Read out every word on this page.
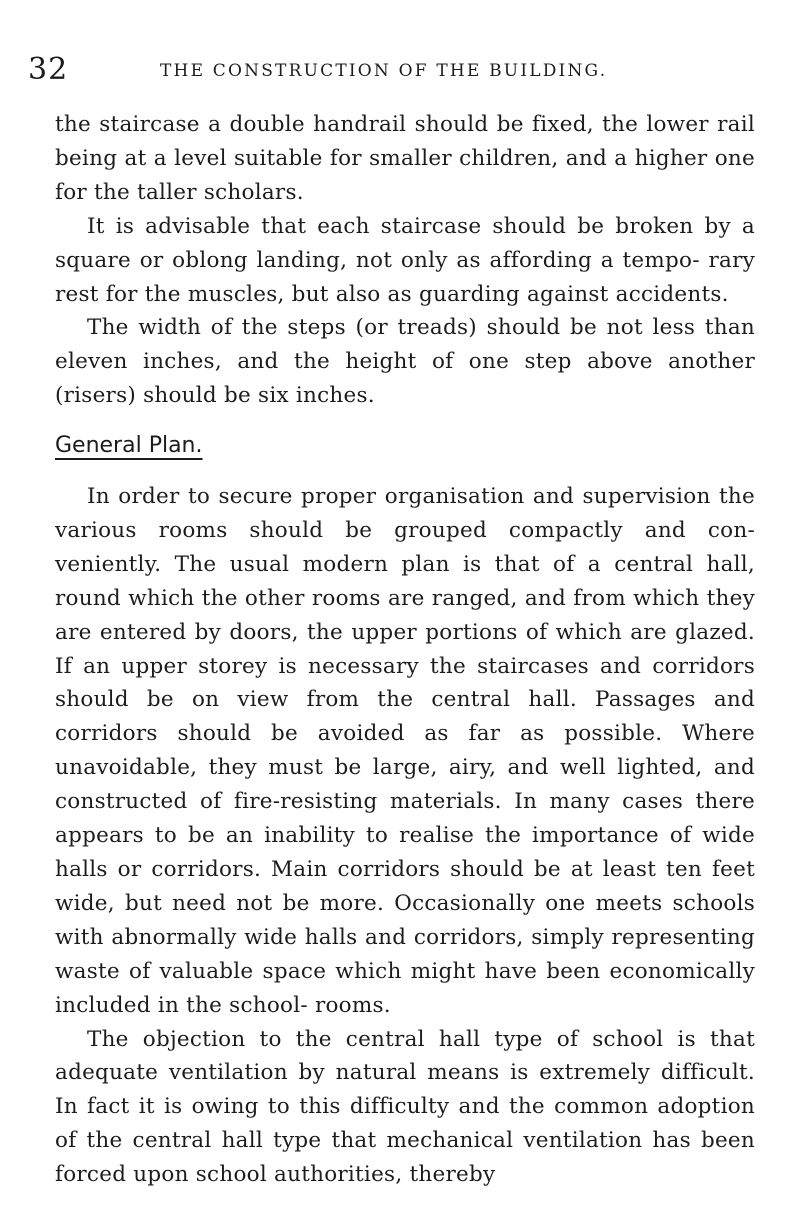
32	THE CONSTRUCTION OF THE BUILDING.

the staircase a double handrail should be fixed, the lower rail being at a level suitable for smaller children, and a higher one for the taller scholars.

It is advisable that each staircase should be broken by a square or oblong landing, not only as affording a tempo- rary rest for the muscles, but also as guarding against accidents.

The width of the steps (or treads) should be not less than eleven inches, and the height of one step above another (risers) should be six inches.

General Plan.

In order to secure proper organisation and supervision the various rooms should be grouped compactly and con- veniently. The usual modern plan is that of a central hall, round which the other rooms are ranged, and from which they are entered by doors, the upper portions of which are glazed. If an upper storey is necessary the staircases and corridors should be on view from the central hall. Passages and corridors should be avoided as far as possible. Where unavoidable, they must be large, airy, and well lighted, and constructed of fire-resisting materials. In many cases there appears to be an inability to realise the importance of wide halls or corridors. Main corridors should be at least ten feet wide, but need not be more. Occasionally one meets schools with abnormally wide halls and corridors, simply representing waste of valuable space which might have been economically included in the school- rooms.

The objection to the central hall type of school is that adequate ventilation by natural means is extremely difficult. In fact it is owing to this difficulty and the common adoption of the central hall type that mechanical ventilation has been forced upon school authorities, thereby
